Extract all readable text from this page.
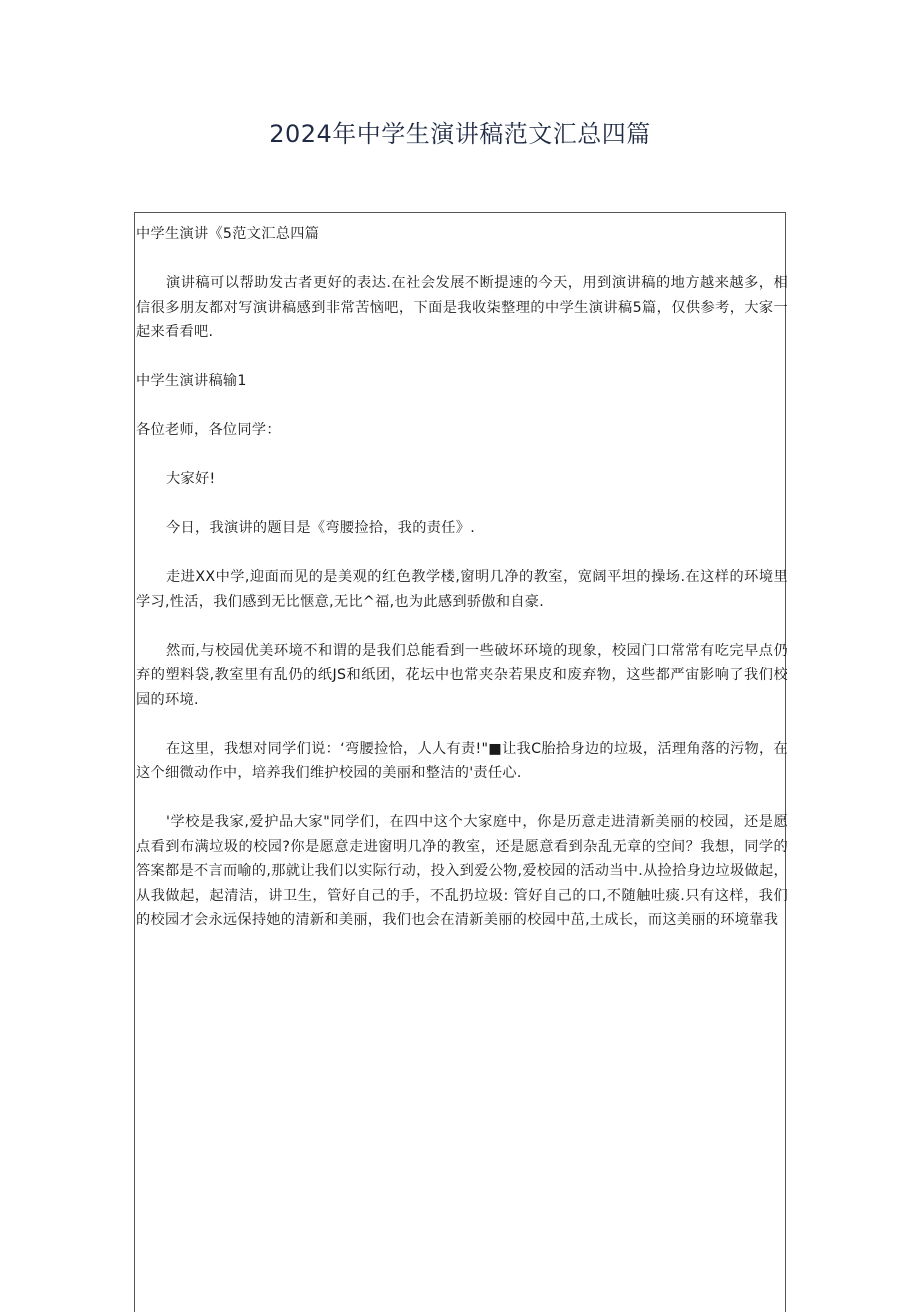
2024年中学生演讲稿范文汇总四篇

中学生演讲《5范文汇总四篇

演讲稿可以帮助发古者更好的表达.在社会发展不断提速的今天，用到演讲稿的地方越来越多，相信很多朋友都对写演讲稿感到非常苦恼吧，下面是我收柒整理的中学生演讲稿5篇，仅供参考，大家一起来看看吧.

中学生演讲稿输1

各位老师，各位同学：

大家好!

今日，我演讲的题目是《弯腰捡拾，我的责任》.

走进XX中学,迎面而见的是美观的红色教学楼,窗明几净的教室，宽阔平坦的操场.在这样的环境里学习,性活，我们感到无比惬意,无比^福,也为此感到骄傲和自豪.

然而,与校园优美环境不和谓的是我们总能看到一些破坏环境的现象，校园门口常常有吃完早点仍弃的塑料袋,教室里有乱仍的纸JS和纸团，花坛中也常夹杂若果皮和废弃物，这些都严宙影响了我们校园的环境.

在这里，我想对同学们说：‘弯腰捡恰，人人有责!"■让我C胎拾身边的垃圾，活理角落的污物，在这个细微动作中，培养我们维护校园的美丽和整洁的'责任心.

'学校是我家,爱护品大家"同学们，在四中这个大家庭中，你是历意走进清新美丽的校园，还是愿点看到布满垃圾的校园?你是愿意走进窗明几净的教室，还是愿意看到杂乱无章的空间？我想，同学的答案都是不言而喻的,那就让我们以实际行动，投入到爱公物,爱校园的活动当中.从捡拾身边垃圾做起，从我做起，起清洁，讲卫生，管好自己的手，不乱扔垃圾: 管好自己的口,不随触吐痰.只有这样，我们的校园才会永远保持她的清新和美丽，我们也会在清新美丽的校园中茁,土成长，而这美丽的环境靠我
